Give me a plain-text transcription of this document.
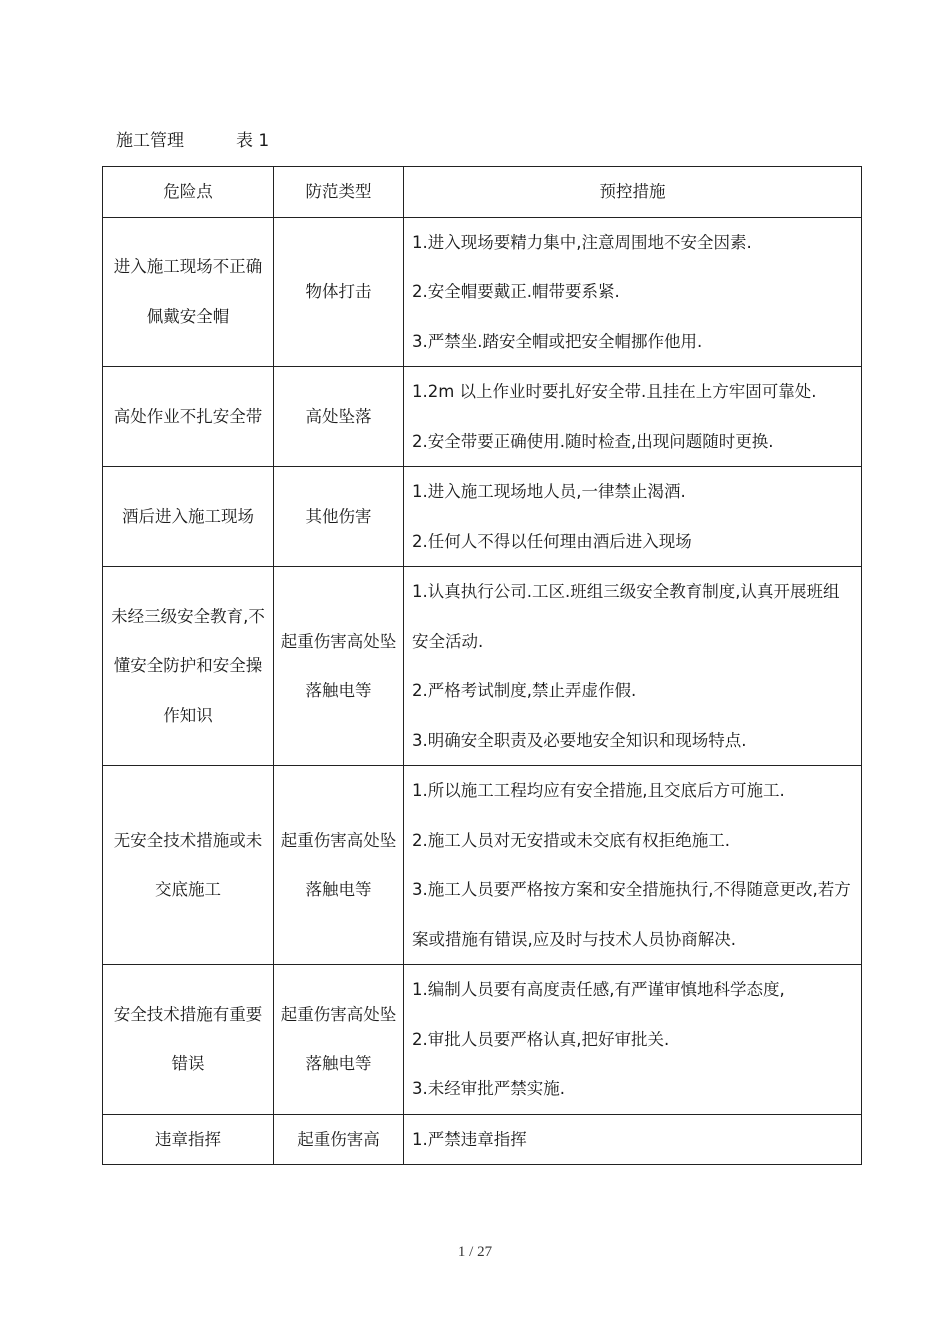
施工管理	表 1
危险点	防范类型	预控措施
进入施工现场不正确佩戴安全帽	物体打击	1.进入现场要精力集中,注意周围地不安全因素.
2.安全帽要戴正.帽带要系紧.
3.严禁坐.踏安全帽或把安全帽挪作他用.

高处作业不扎安全带	高处坠落	1.2m 以上作业时要扎好安全带.且挂在上方牢固可靠处.
2.安全带要正确使用.随时检查,出现问题随时更换.

酒后进入施工现场	其他伤害	1.进入施工现场地人员,一律禁止渴酒.
2.任何人不得以任何理由酒后进入现场

未经三级安全教育,不懂安全防护和安全操作知识	起重伤害高处坠落触电等	1.认真执行公司.工区.班组三级安全教育制度,认真开展班组安全活动.
2.严格考试制度,禁止弄虚作假.
3.明确安全职责及必要地安全知识和现场特点.

无安全技术措施或未交底施工	起重伤害高处坠落触电等	1.所以施工工程均应有安全措施,且交底后方可施工.
2.施工人员对无安措或未交底有权拒绝施工.
3.施工人员要严格按方案和安全措施执行,不得随意更改,若方案或措施有错误,应及时与技术人员协商解决.

安全技术措施有重要错误	起重伤害高处坠落触电等	1.编制人员要有高度责任感,有严谨审慎地科学态度,
2.审批人员要严格认真,把好审批关.
3.未经审批严禁实施.

违章指挥	起重伤害高	1.严禁违章指挥
1 / 27
